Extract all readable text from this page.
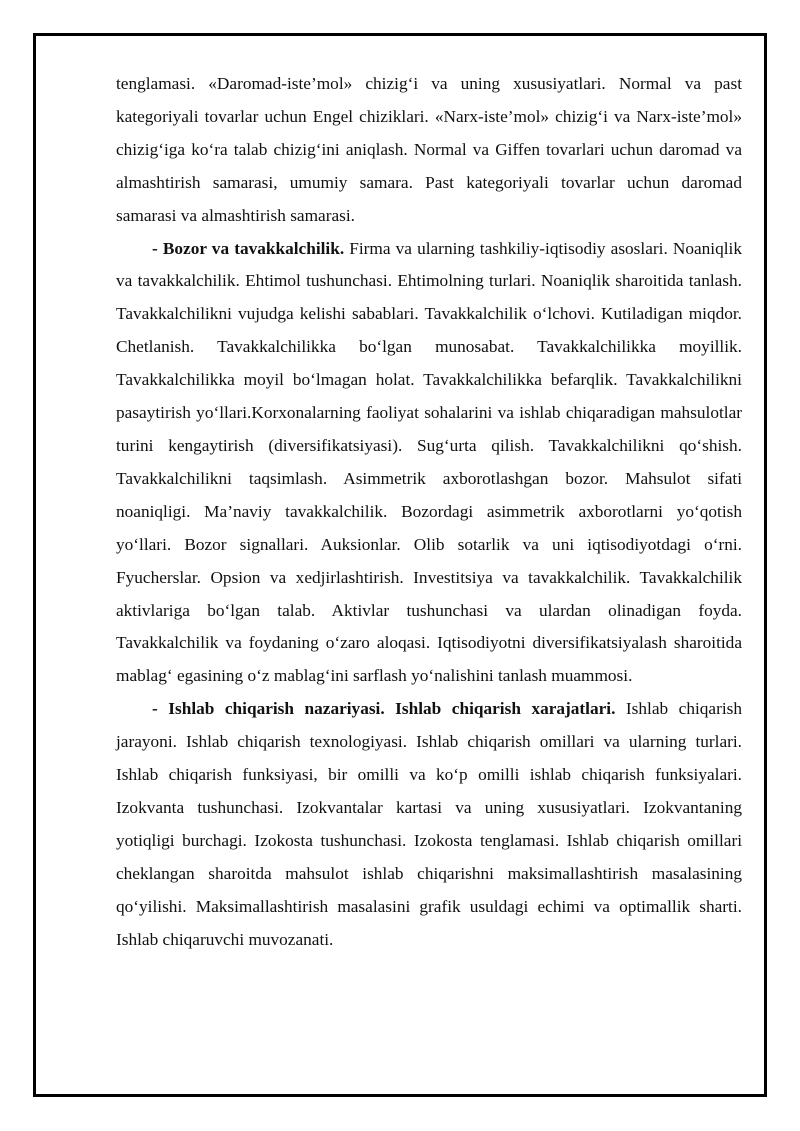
tenglamasi. «Daromad-iste’mol» chizig‘i va uning xususiyatlari. Normal va past kategoriyali tovarlar uchun Engel chiziklari. «Narx-iste’mol» chizig‘i va Narx-iste’mol» chizig‘iga ko‘ra talab chizig‘ini aniqlash. Normal va Giffen tovarlari uchun daromad va almashtirish samarasi, umumiy samara. Past kategoriyali tovarlar uchun daromad samarasi va almashtirish samarasi.

- Bozor va tavakkalchilik. Firma va ularning tashkiliy-iqtisodiy asoslari. Noaniqlik va tavakkalchilik. Ehtimol tushunchasi. Ehtimolning turlari. Noaniqlik sharoitida tanlash. Tavakkalchilikni vujudga kelishi sabablari. Tavakkalchilik o‘lchovi. Kutiladigan miqdor. Chetlanish. Tavakkalchilikka bo‘lgan munosabat. Tavakkalchilikka moyillik. Tavakkalchilikka moyil bo‘lmagan holat. Tavakkalchilikka befarqlik. Tavakkalchilikni pasaytirish yo‘llari.Korxonalarning faoliyat sohalarini va ishlab chiqaradigan mahsulotlar turini kengaytirish (diversifikatsiyasi). Sug‘urta qilish. Tavakkalchilikni qo‘shish. Tavakkalchilikni taqsimlash. Asimmetrik axborotlashgan bozor. Mahsulot sifati noaniqligi. Ma’naviy tavakkalchilik. Bozordagi asimmetrik axborotlarni yo‘qotish yo‘llari. Bozor signallari. Auksionlar. Olib sotarlik va uni iqtisodiyotdagi o‘rni. Fyucherslar. Opsion va xedjirlashtirish. Investitsiya va tavakkalchilik. Tavakkalchilik aktivlariga bo‘lgan talab. Aktivlar tushunchasi va ulardan olinadigan foyda. Tavakkalchilik va foydaning o‘zaro aloqasi. Iqtisodiyotni diversifikatsiyalash sharoitida mablag‘ egasining o‘z mablag‘ini sarflash yo‘nalishini tanlash muammosi.

- Ishlab chiqarish nazariyasi. Ishlab chiqarish xarajatlari. Ishlab chiqarish jarayoni. Ishlab chiqarish texnologiyasi. Ishlab chiqarish omillari va ularning turlari. Ishlab chiqarish funksiyasi, bir omilli va ko‘p omilli ishlab chiqarish funksiyalari. Izokvanta tushunchasi. Izokvantalar kartasi va uning xususiyatlari. Izokvantaning yotiqligi burchagi. Izokosta tushunchasi. Izokosta tenglamasi. Ishlab chiqarish omillari cheklangan sharoitda mahsulot ishlab chiqarishni maksimallashtirish masalasining qo‘yilishi. Maksimallashtirish masalasini grafik usuldagi echimi va optimallik sharti. Ishlab chiqaruvchi muvozanati.
